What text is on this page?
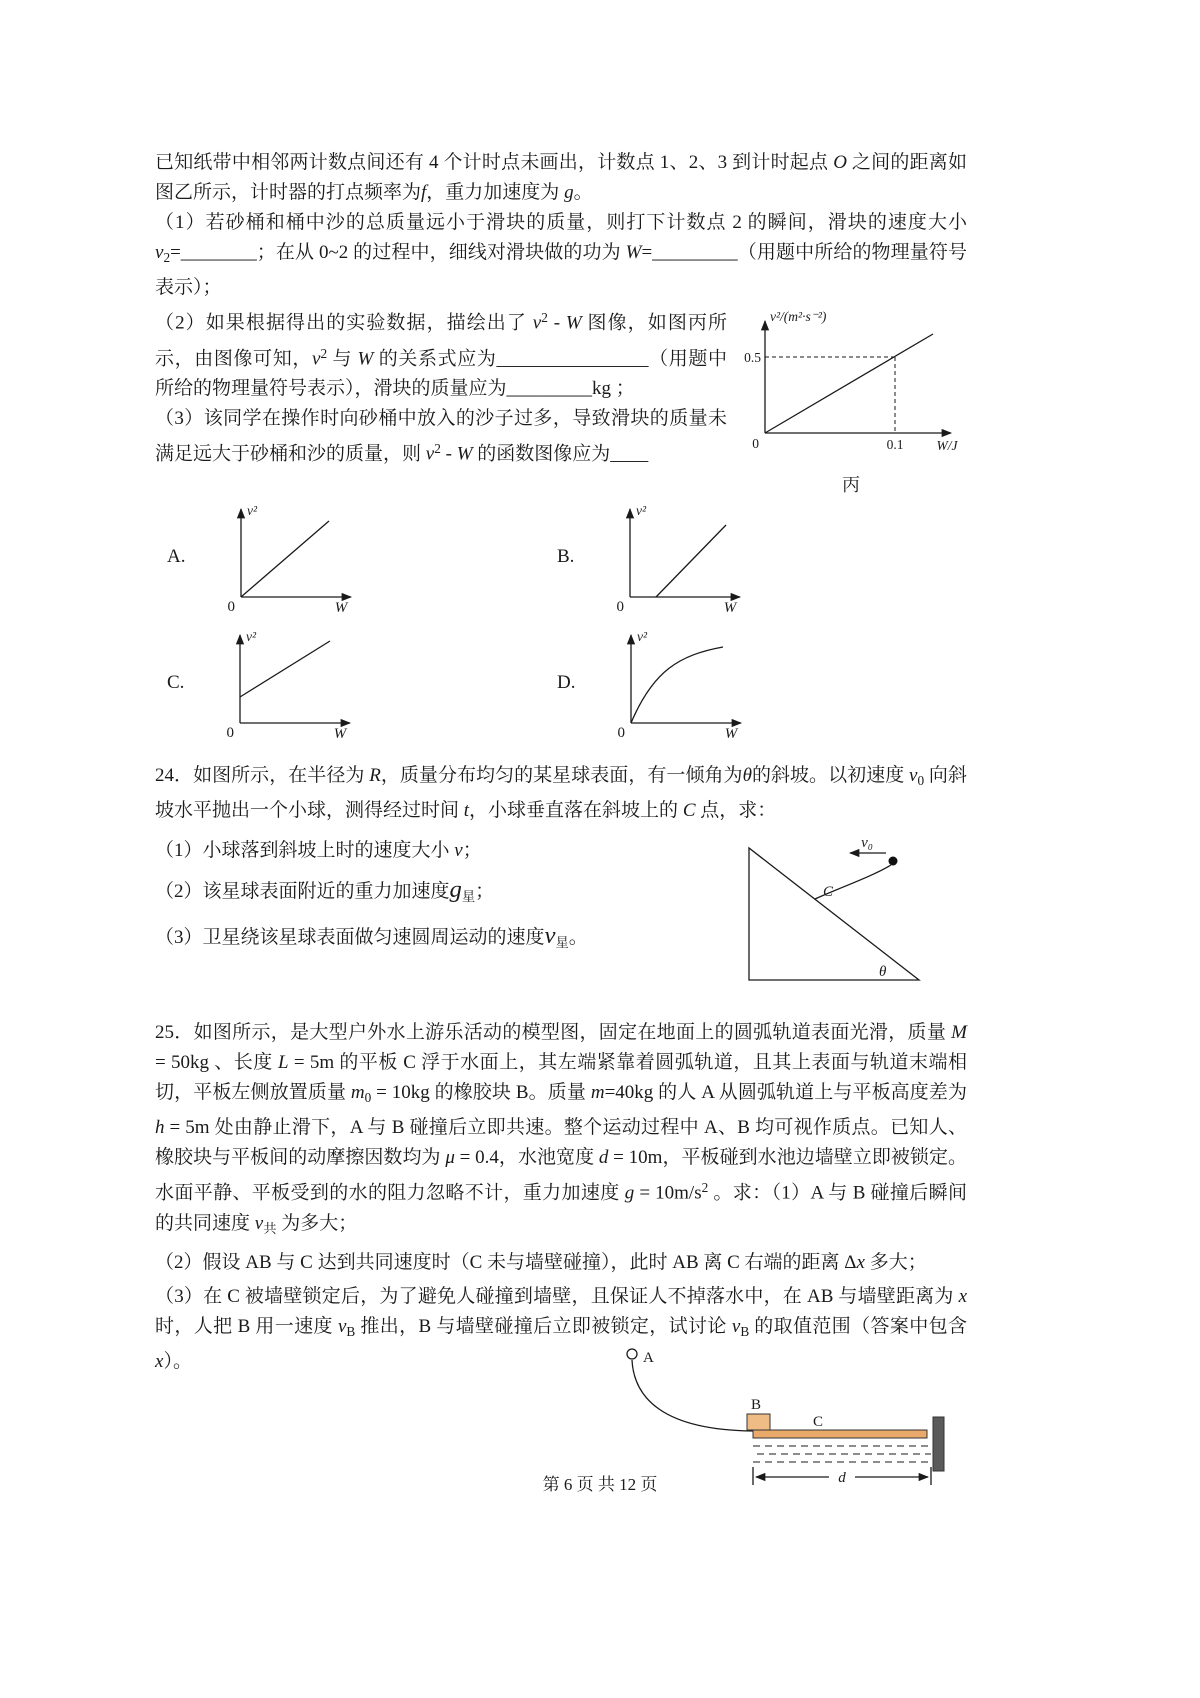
已知纸带中相邻两计数点间还有 4 个计时点未画出，计数点 1、2、3 到计时起点 O 之间的距离如图乙所示，计时器的打点频率为f，重力加速度为 g。

（1）若砂桶和桶中沙的总质量远小于滑块的质量，则打下计数点 2 的瞬间，滑块的速度大小 $v_2=\_\_\_\_\_\_\_\_$；在从 0~2 的过程中，细线对滑块做的功为 W=_________（用题中所给的物理量符号表示）；

v²/(m²·s⁻²)
0.5
0	0.1 W/J
丙

（2）如果根据得出的实验数据，描绘出了 $v^2$ - W 图像，如图丙所示，由图像可知，$v^2$ 与 W 的关系式应为________________（用题中所给的物理量符号表示），滑块的质量应为_________kg ；

（3）该同学在操作时向砂桶中放入的沙子过多，导致滑块的质量未满足远大于砂桶和沙的质量，则 $v^2$ - W 的函数图像应为____

A.
v²
0	W
B.
v²
0	W
C.
v²
0	W
D.
v²
0	W

24．如图所示，在半径为 R，质量分布均匀的某星球表面，有一倾角为θ的斜坡。以初速度 $v_0$ 向斜坡水平抛出一个小球，测得经过时间 t，小球垂直落在斜坡上的 C 点，求：

（1）小球落到斜坡上时的速度大小 v；

（2）该星球表面附近的重力加速度$g_星$；

（3）卫星绕该星球表面做匀速圆周运动的速度$v_星$。

v₀
C
θ

25．如图所示，是大型户外水上游乐活动的模型图，固定在地面上的圆弧轨道表面光滑，质量 M = 50kg 、长度 L = 5m 的平板 C 浮于水面上，其左端紧靠着圆弧轨道，且其上表面与轨道末端相切，平板左侧放置质量 $m_0 = 10kg$ 的橡胶块 B。质量 m=40kg 的人 A 从圆弧轨道上与平板高度差为 h = 5m 处由静止滑下，A 与 B 碰撞后立即共速。整个运动过程中 A、B 均可视作质点。已知人、橡胶块与平板间的动摩擦因数均为 μ = 0.4，水池宽度 d = 10m，平板碰到水池边墙壁立即被锁定。水面平静、平板受到的水的阻力忽略不计，重力加速度 $g = 10m/s^2$ 。求：（1）A 与 B 碰撞后瞬间的共同速度 $v_共$ 为多大；

（2）假设 AB 与 C 达到共同速度时（C 未与墙壁碰撞），此时 AB 离 C 右端的距离 Δx 多大；

（3）在 C 被墙壁锁定后，为了避免人碰撞到墙壁，且保证人不掉落水中，在 AB 与墙壁距离为 x 时，人把 B 用一速度 $v_B$ 推出，B 与墙壁碰撞后立即被锁定，试讨论 $v_B$ 的取值范围（答案中包含 x）。	A
B
C
d
第 6 页 共 12 页
